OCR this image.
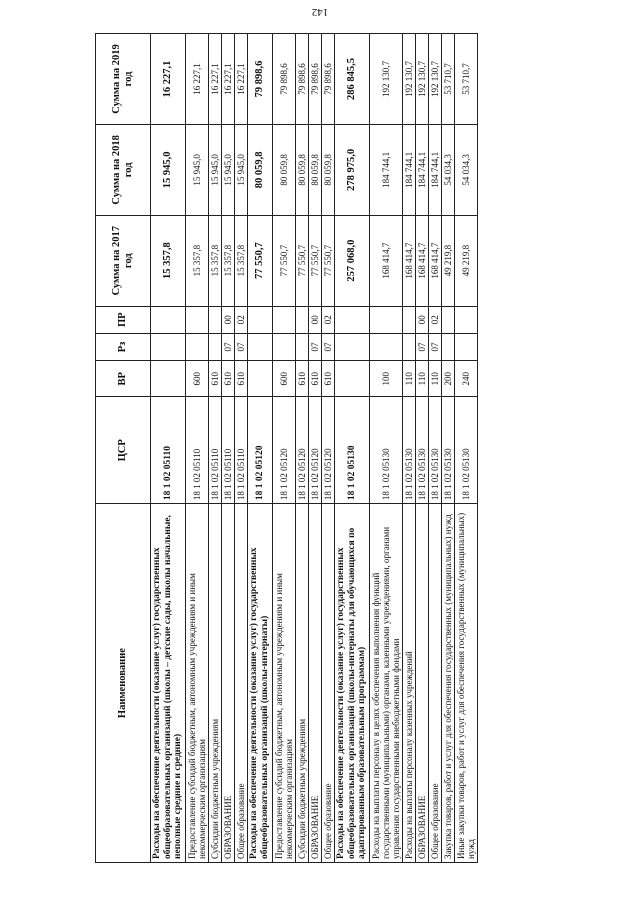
142
Наименование	ЦСР	ВР	Рз	ПР	Сумма на 2017 год	Сумма на 2018 год	Сумма на 2019 год
Расходы на обеспечение деятельности (оказание услуг) государственных общеобразовательных организаций (школы – детские сады, школы начальные, неполные средние и средние)	18 1 02 05110				15 357,8	15 945,0	16 227,1
Предоставление субсидий бюджетным, автономным учреждениям и иным некоммерческим организациям	18 1 02 05110	600			15 357,8	15 945,0	16 227,1
Субсидии бюджетным учреждениям	18 1 02 05110	610			15 357,8	15 945,0	16 227,1
ОБРАЗОВАНИЕ	18 1 02 05110	610	07	00	15 357,8	15 945,0	16 227,1
Общее образование	18 1 02 05110	610	07	02	15 357,8	15 945,0	16 227,1
Расходы на обеспечение деятельности (оказание услуг) государственных общеобразовательных организаций (школы-интернаты)	18 1 02 05120				77 550,7	80 059,8	79 898,6
Предоставление субсидий бюджетным, автономным учреждениям и иным некоммерческим организациям	18 1 02 05120	600			77 550,7	80 059,8	79 898,6
Субсидии бюджетным учреждениям	18 1 02 05120	610			77 550,7	80 059,8	79 898,6
ОБРАЗОВАНИЕ	18 1 02 05120	610	07	00	77 550,7	80 059,8	79 898,6
Общее образование	18 1 02 05120	610	07	02	77 550,7	80 059,8	79 898,6
Расходы на обеспечение деятельности (оказание услуг) государственных общеобразовательных организаций (школы-интернаты для обучающихся по адаптированным образовательным программам)	18 1 02 05130				257 068,0	278 975,0	286 845,5
Расходы на выплаты персоналу в целях обеспечения выполнения функций государственными (муниципальными) органами, казенными учреждениями, органами управления государственными внебюджетными фондами	18 1 02 05130	100			168 414,7	184 744,1	192 130,7
Расходы на выплаты персоналу казенных учреждений	18 1 02 05130	110			168 414,7	184 744,1	192 130,7
ОБРАЗОВАНИЕ	18 1 02 05130	110	07	00	168 414,7	184 744,1	192 130,7
Общее образование	18 1 02 05130	110	07	02	168 414,7	184 744,1	192 130,7
Закупка товаров, работ и услуг для обеспечения государственных (муниципальных) нужд	18 1 02 05130	200			49 219,8	54 034,3	53 710,7
Иные закупки товаров, работ и услуг для обеспечения государственных (муниципальных) нужд	18 1 02 05130	240			49 219,8	54 034,3	53 710,7
